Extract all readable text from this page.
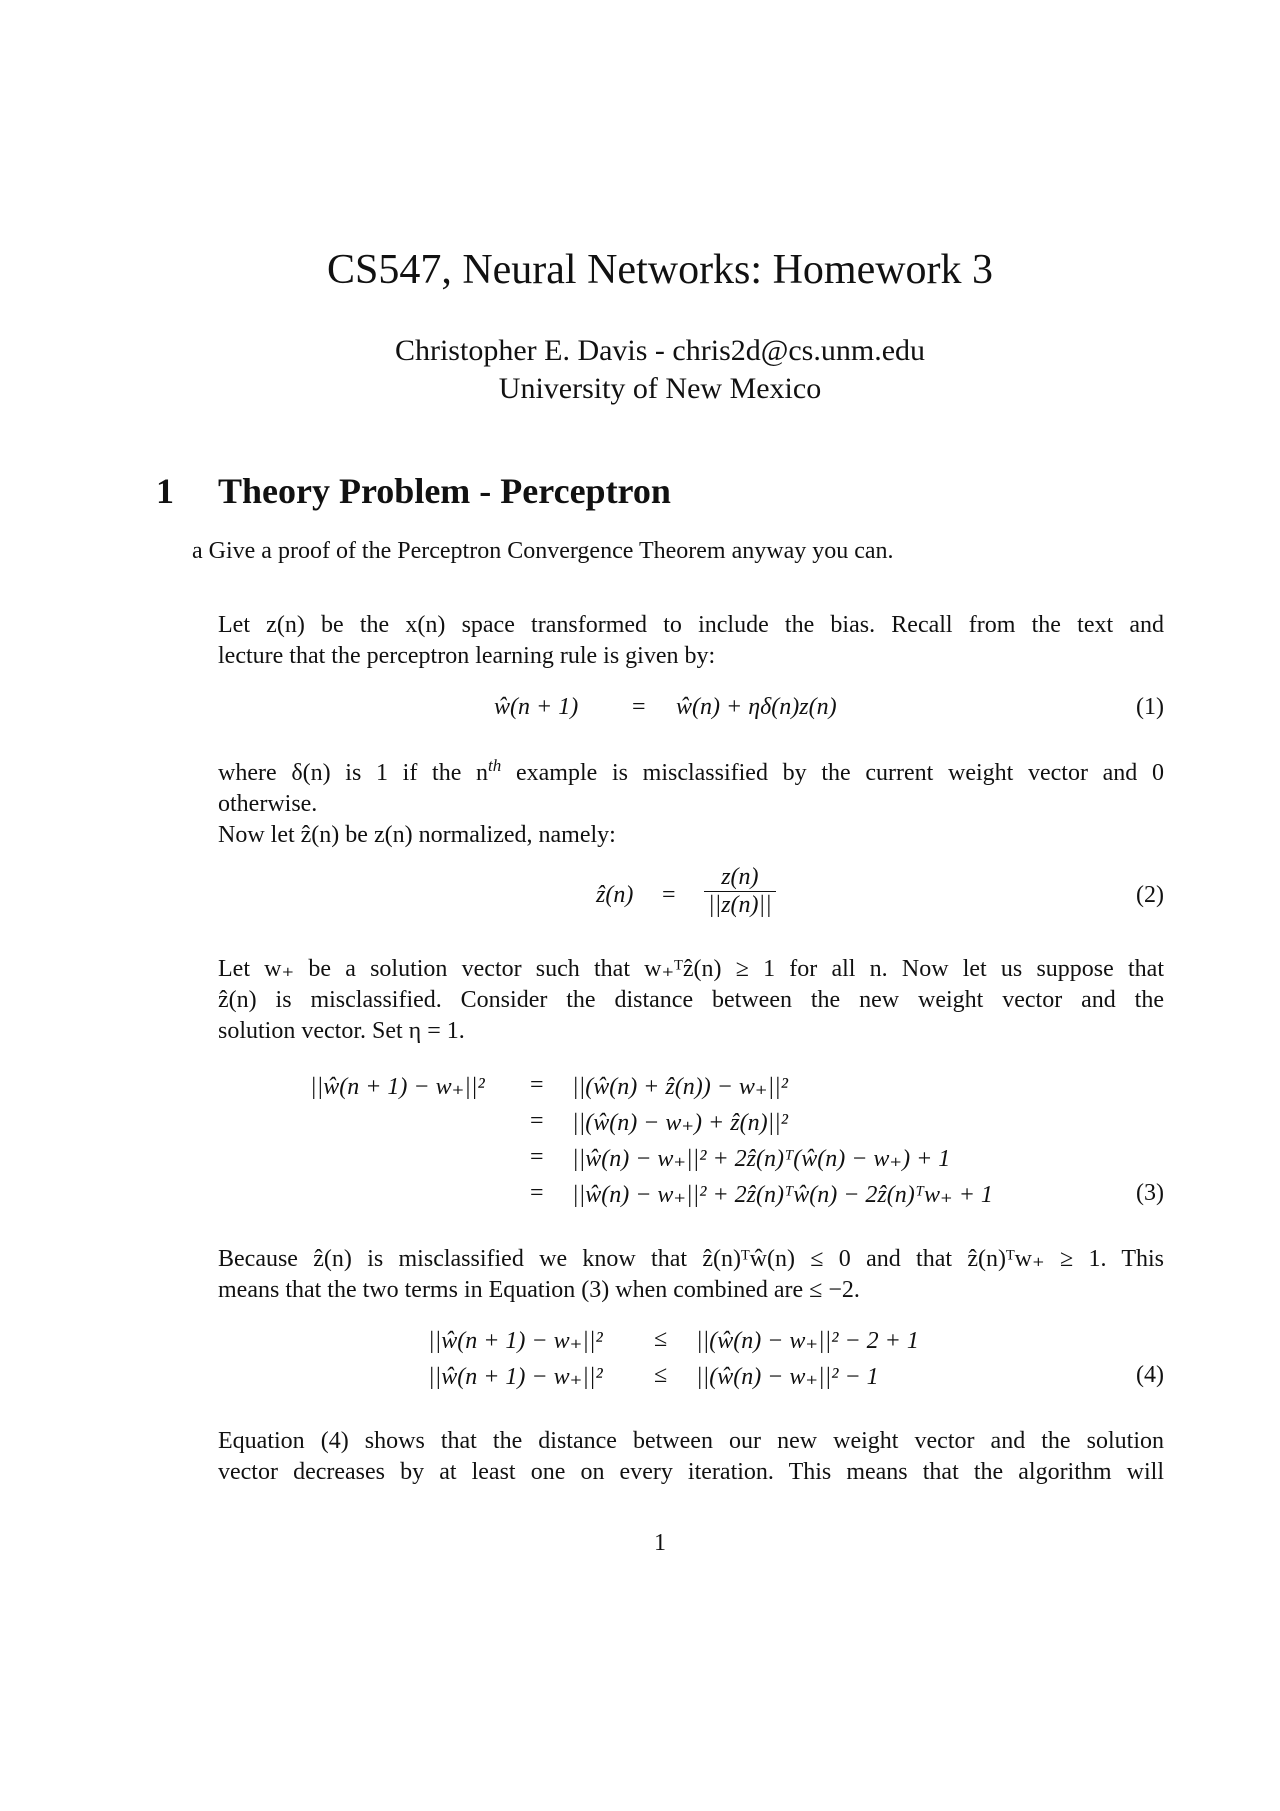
CS547, Neural Networks: Homework 3
Christopher E. Davis - chris2d@cs.unm.edu
University of New Mexico
1 Theory Problem - Perceptron
a Give a proof of the Perceptron Convergence Theorem anyway you can.
Let z(n) be the x(n) space transformed to include the bias. Recall from the text and
lecture that the perceptron learning rule is given by:
ŵ(n + 1) = ŵ(n) + ηδ(n)z(n)	(1)
where δ(n) is 1 if the $n^{th}$ example is misclassified by the current weight vector and 0
otherwise.
Now let ẑ(n) be z(n) normalized, namely:
ẑ(n) = $\frac{z(n)}{||z(n)||}$	(2)
Let w₊ be a solution vector such that w₊ᵀẑ(n) ≥ 1 for all n. Now let us suppose that
ẑ(n) is misclassified. Consider the distance between the new weight vector and the
solution vector. Set η = 1.
||ŵ(n + 1) − w₊||² = ||(ŵ(n) + ẑ(n)) − w₊||²
= ||(ŵ(n) − w₊) + ẑ(n)||²
= ||ŵ(n) − w₊||² + 2ẑ(n)ᵀ(ŵ(n) − w₊) + 1
= ||ŵ(n) − w₊||² + 2ẑ(n)ᵀŵ(n) − 2ẑ(n)ᵀw₊ + 1	(3)
Because ẑ(n) is misclassified we know that ẑ(n)ᵀŵ(n) ≤ 0 and that ẑ(n)ᵀw₊ ≥ 1. This
means that the two terms in Equation (3) when combined are ≤ −2.
||ŵ(n + 1) − w₊||² ≤ ||(ŵ(n) − w₊||² − 2 + 1
||ŵ(n + 1) − w₊||² ≤ ||(ŵ(n) − w₊||² − 1	(4)
Equation (4) shows that the distance between our new weight vector and the solution
vector decreases by at least one on every iteration. This means that the algorithm will
1
